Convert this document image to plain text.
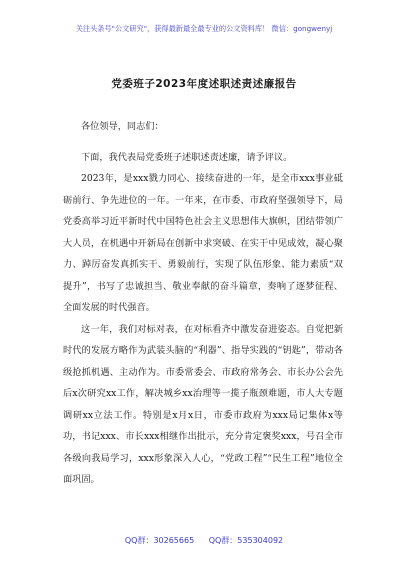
关注头条号"公文研究"，获得最新最全最专业的公文资料库！ 微信：gongwenyj
党委班子2023年度述职述责述廉报告

各位领导，同志们：

下面，我代表局党委班子述职述责述廉，请予评议。

2023年，是xxx戮力同心、接续奋进的一年，是全市xxx事业砥砺前行、争先进位的一年。一年来，在市委、市政府坚强领导下，局党委高举习近平新时代中国特色社会主义思想伟大旗帜，团结带领广大人员，在机遇中开新局在创新中求突破、在实干中见成效，凝心聚力、踔厉奋发真抓实干、勇毅前行，实现了队伍形象、能力素质“双提升”，书写了忠诚担当、敬业奉献的奋斗篇章，奏响了逐梦征程、全面发展的时代强音。

这一年，我们对标对表，在对标看齐中激发奋进姿态。自觉把新时代的发展方略作为武装头脑的“利器”、指导实践的“钥匙”，带动各级抢抓机遇、主动作为。市委常委会、市政府常务会、市长办公会先后x次研究xx工作，解决城乡xx治理等一揽子瓶颈难题，市人大专题调研xx立法工作。特别是x月x日，市委市政府为xxx局记集体x等功，书记xxx、市长xxx相继作出批示，充分肯定褒奖xxx，号召全市各级向我局学习，xxx形象深入人心，“党政工程”“民生工程”地位全面巩固。

QQ群：30265665 QQ群：535304092
